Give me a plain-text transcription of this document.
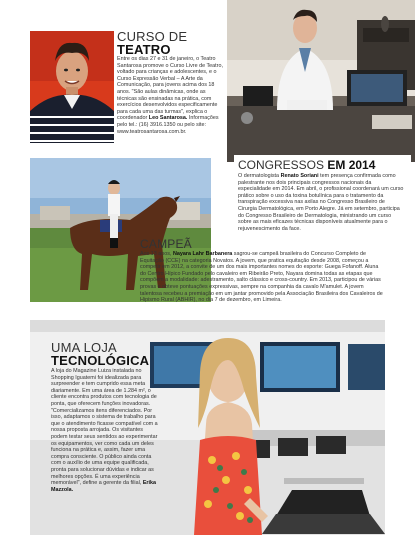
CURSO DE
TEATRO
Entre os dias 27 e 31 de janeiro, o Teatro Santarosa promove o Curso Livre de Teatro, voltado para crianças e adolescentes, e o Curso Expressão Verbal – A Arte da Comunicação, para jovens acima dos 18 anos. "São aulas dinâmicas, onde as técnicas são ensinadas na prática, com exercícios desenvolvidos especificamente para cada uma das turmas", explica o coordenador Leo Santarosa. Informações pelo tel.: (16) 3916.1350 ou pelo site: www.teatrosantarosa.com.br.
CONGRESSOS EM 2014
O dermatologista Renato Soriani tem presença confirmada como palestrante nos dois principais congressos nacionais da especialidade em 2014. Em abril, o profissional coordenará um curso prático sobre o uso da toxina botulínica para o tratamento da transpiração excessiva nas axilas no Congresso Brasileiro de Cirurgia Dermatológica, em Porto Alegre. Já em setembro, participa do Congresso Brasileiro de Dermatologia, ministrando um curso sobre as mais eficazes técnicas disponíveis atualmente para o rejuvenescimento da face.
CAMPEÃ
Aos 13 anos, Nayara Lahr Barbanera sagrou-se campeã brasileira do Concurso Completo de Equitação (CCE) na categoria Novatos. A jovem, que pratica equitação desde 2008, começou a competir em 2012, a convite de um dos mais importantes nomes do esporte: Guega Fofanoff. Aluna do Centro Hípico Fundado pelo cavaleiro em Ribeirão Preto, Nayara domina todas as etapas que compõem a modalidade: adestramento, salto clássico e cross-country. Em 2013, participou de várias provas e obteve pontuações expressivas, sempre na companhia da cavalo M'amulet. A jovem talentosa recebeu a premiação em um jantar promovido pela Associação Brasileira dos Cavaleiros de Hipismo Rural (ABHIR), no dia 7 de dezembro, em Limeira.
UMA LOJA
TECNOLÓGICA
A loja do Magazine Luiza instalada no Shopping Iguatemi foi idealizada para surpreender e tem cumprido essa meta diariamente. Em uma área de 1.284 m², o cliente encontra produtos com tecnologia de ponta, que oferecem funções inovadoras. "Comercializamos itens diferenciados. Por isso, adaptamos o sistema de trabalho para que o atendimento ficasse compatível com a nossa proposta arrojada. Os visitantes podem testar seus sentidos ao experimentar os equipamentos, ver como cada um deles funciona na prática e, assim, fazer uma compra consciente. O público ainda conta com o auxílio de uma equipe qualificada, pronta para solucionar dúvidas e indicar as melhores opções. É uma experiência memorável", define a gerente da filial, Erika Mazzola.
